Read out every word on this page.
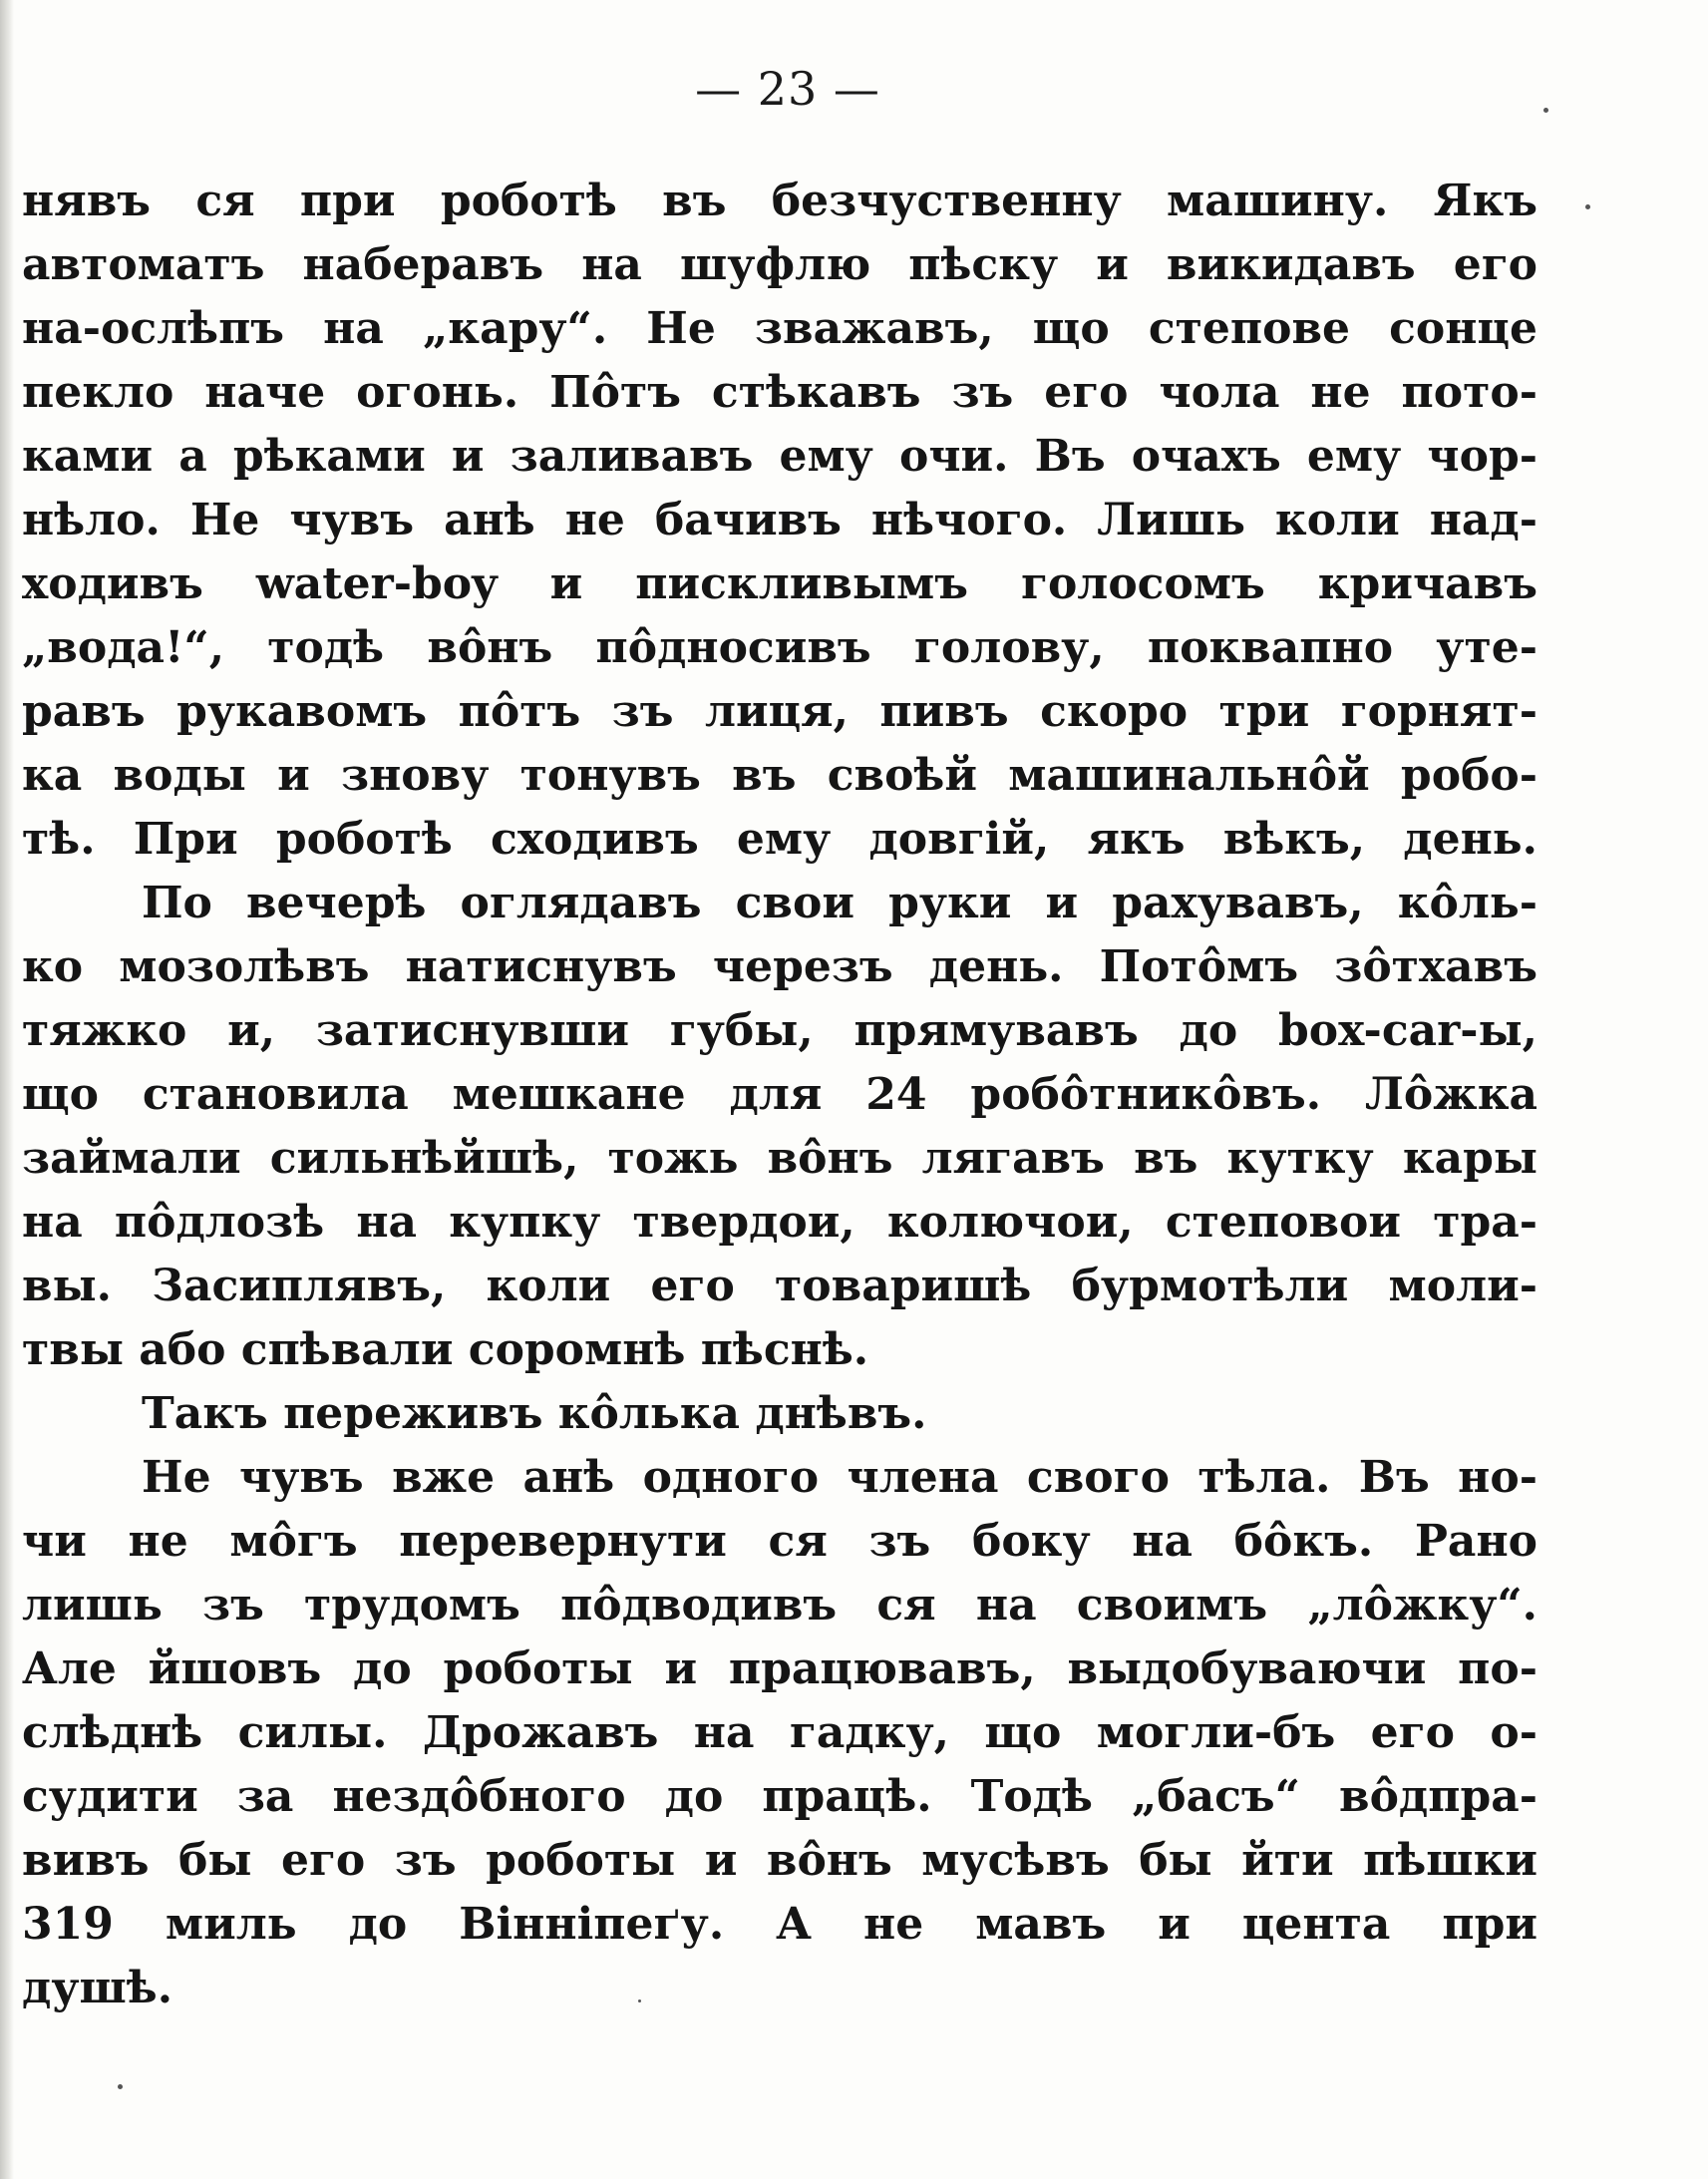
— 23 —
нявъ ся при роботѣ въ безчуственну машину. Якъ
автоматъ наберавъ на шуфлю пѣску и викидавъ его
на-ослѣпъ на „кару“. Не зважавъ, що степове сонце
пекло наче огонь. Пôтъ стѣкавъ зъ его чола не пото-
ками а рѣками и заливавъ ему очи. Въ очахъ ему чор-
нѣло. Не чувъ анѣ не бачивъ нѣчого. Лишь коли над-
ходивъ water-boy и пискливымъ голосомъ кричавъ
„вода!“, тодѣ вôнъ пôдносивъ голову, поквапно уте-
равъ рукавомъ пôтъ зъ лиця, пивъ скоро три горнят-
ка воды и знову тонувъ въ своѣй машинальнôй робо-
тѣ. При роботѣ сходивъ ему довгій, якъ вѣкъ, день.
По вечерѣ оглядавъ свои руки и рахувавъ, кôль-
ко мозолѣвъ натиснувъ черезъ день. Потôмъ зôтхавъ
тяжко и, затиснувши губы, прямувавъ до box-car-ы,
що становила мешкане для 24 робôтникôвъ. Лôжка
займали сильнѣйшѣ, тожь вôнъ лягавъ въ кутку кары
на пôдлозѣ на купку твердои, колючои, степовои тра-
вы. Засиплявъ, коли его товаришѣ бурмотѣли моли-
твы або спѣвали соромнѣ пѣснѣ.
Такъ переживъ кôлька днѣвъ.
Не чувъ вже анѣ одного члена свого тѣла. Въ но-
чи не мôгъ перевернути ся зъ боку на бôкъ. Рано
лишь зъ трудомъ пôдводивъ ся на своимъ „лôжку“.
Але йшовъ до роботы и працювавъ, выдобуваючи по-
слѣднѣ силы. Дрожавъ на гадку, що могли-бъ его о-
судити за нездôбного до працѣ. Тодѣ „басъ“ вôдпра-
вивъ бы его зъ роботы и вôнъ мусѣвъ бы йти пѣшки
319 миль до Вінніпеґу. А не мавъ и цента при
душѣ.
